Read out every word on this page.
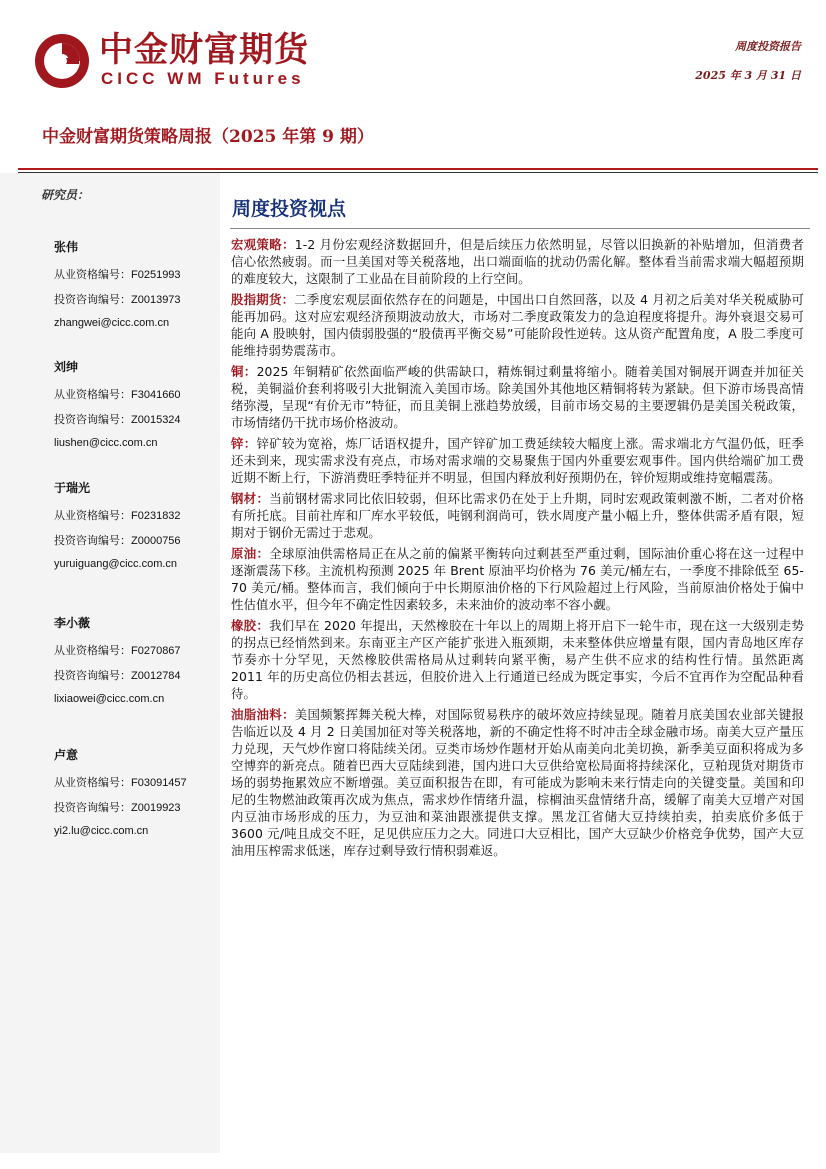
中金财富期货
CICC WM Futures
周度投资报告
2025 年 3 月 31 日
中金财富期货策略周报（2025 年第 9 期）
研究员：
张伟
从业资格编号：F0251993
投资咨询编号：Z0013973
zhangwei@cicc.com.cn
刘绅
从业资格编号：F3041660
投资咨询编号：Z0015324
liushen@cicc.com.cn
于瑞光
从业资格编号：F0231832
投资咨询编号：Z0000756
yuruiguang@cicc.com.cn
李小薇
从业资格编号：F0270867
投资咨询编号：Z0012784
lixiaowei@cicc.com.cn
卢意
从业资格编号：F03091457
投资咨询编号：Z0019923
yi2.lu@cicc.com.cn
周度投资视点

宏观策略：1-2 月份宏观经济数据回升，但是后续压力依然明显，尽管以旧换新的补贴增加，但消费者信心依然疲弱。而一旦美国对等关税落地，出口端面临的扰动仍需化解。整体看当前需求端大幅超预期的难度较大，这限制了工业品在目前阶段的上行空间。

股指期货：二季度宏观层面依然存在的问题是，中国出口自然回落，以及 4 月初之后美对华关税威胁可能再加码。这对应宏观经济预期波动放大，市场对二季度政策发力的急迫程度将提升。海外衰退交易可能向 A 股映射，国内债弱股强的“股债再平衡交易”可能阶段性逆转。这从资产配置角度，A 股二季度可能维持弱势震荡市。

铜：2025 年铜精矿依然面临严峻的供需缺口，精炼铜过剩量将缩小。随着美国对铜展开调查并加征关税，美铜溢价套利将吸引大批铜流入美国市场。除美国外其他地区精铜将转为紧缺。但下游市场畏高情绪弥漫，呈现“有价无市”特征，而且美铜上涨趋势放缓，目前市场交易的主要逻辑仍是美国关税政策，市场情绪仍干扰市场价格波动。

锌：锌矿较为宽裕，炼厂话语权提升，国产锌矿加工费延续较大幅度上涨。需求端北方气温仍低，旺季还未到来，现实需求没有亮点，市场对需求端的交易聚焦于国内外重要宏观事件。国内供给端矿加工费近期不断上行，下游消费旺季特征并不明显，但国内释放利好预期仍在，锌价短期或维持宽幅震荡。

钢材：当前钢材需求同比依旧较弱，但环比需求仍在处于上升期，同时宏观政策刺激不断，二者对价格有所托底。目前社库和厂库水平较低，吨钢利润尚可，铁水周度产量小幅上升，整体供需矛盾有限，短期对于钢价无需过于悲观。

原油：全球原油供需格局正在从之前的偏紧平衡转向过剩甚至严重过剩，国际油价重心将在这一过程中逐渐震荡下移。主流机构预测 2025 年 Brent 原油平均价格为 76 美元/桶左右，一季度不排除低至 65-70 美元/桶。整体而言，我们倾向于中长期原油价格的下行风险超过上行风险，当前原油价格处于偏中性估值水平，但今年不确定性因素较多，未来油价的波动率不容小觑。

橡胶：我们早在 2020 年提出，天然橡胶在十年以上的周期上将开启下一轮牛市，现在这一大级别走势的拐点已经悄然到来。东南亚主产区产能扩张进入瓶颈期，未来整体供应增量有限，国内青岛地区库存节奏亦十分罕见，天然橡胶供需格局从过剩转向紧平衡，易产生供不应求的结构性行情。虽然距离 2011 年的历史高位仍相去甚远，但胶价进入上行通道已经成为既定事实，今后不宜再作为空配品种看待。

油脂油料：美国频繁挥舞关税大棒，对国际贸易秩序的破坏效应持续显现。随着月底美国农业部关键报告临近以及 4 月 2 日美国加征对等关税落地，新的不确定性将不时冲击全球金融市场。南美大豆产量压力兑现，天气炒作窗口将陆续关闭。豆类市场炒作题材开始从南美向北美切换，新季美豆面积将成为多空博弈的新亮点。随着巴西大豆陆续到港，国内进口大豆供给宽松局面将持续深化，豆粕现货对期货市场的弱势拖累效应不断增强。美豆面积报告在即，有可能成为影响未来行情走向的关键变量。美国和印尼的生物燃油政策再次成为焦点，需求炒作情绪升温，棕榈油买盘情绪升高，缓解了南美大豆增产对国内豆油市场形成的压力，为豆油和菜油跟涨提供支撑。黑龙江省储大豆持续拍卖，拍卖底价多低于 3600 元/吨且成交不旺，足见供应压力之大。同进口大豆相比，国产大豆缺少价格竞争优势，国产大豆油用压榨需求低迷，库存过剩导致行情积弱难返。
